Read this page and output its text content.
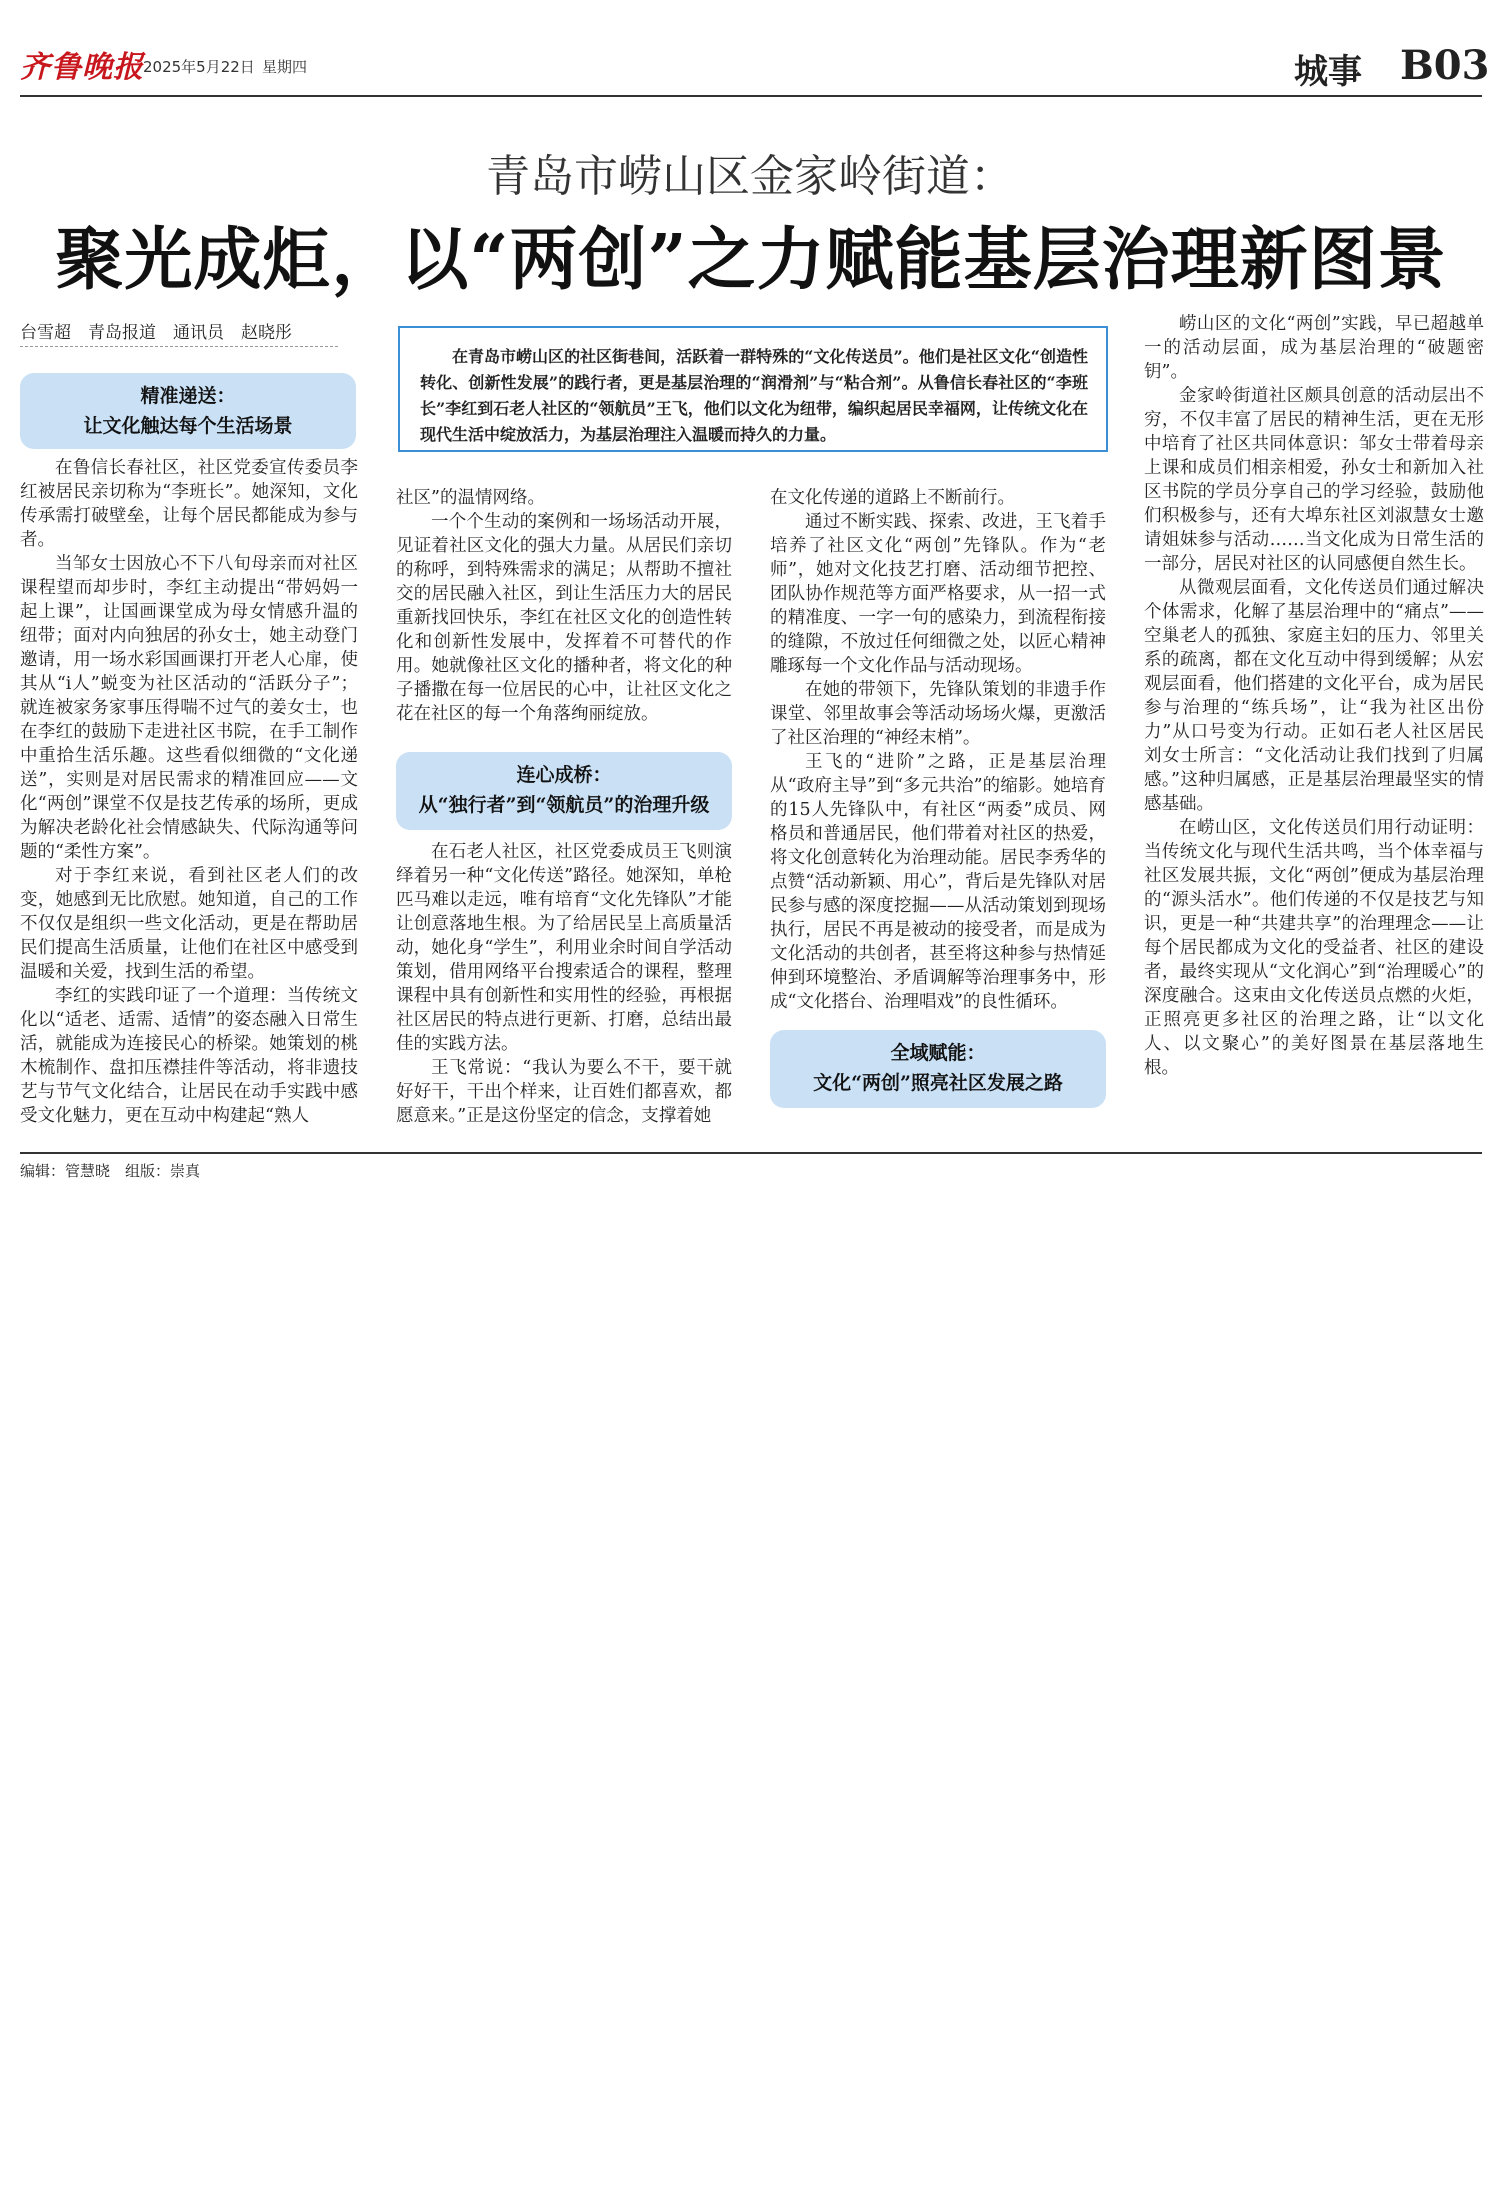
齐鲁晚报 2025年5月22日 星期四	城事 B03
青岛市崂山区金家岭街道：
聚光成炬，以“两创”之力赋能基层治理新图景
台雪超　青岛报道　通讯员　赵晓彤
在青岛市崂山区的社区街巷间，活跃着一群特殊的“文化传送员”。他们是社区文化“创造性转化、创新性发展”的践行者，更是基层治理的“润滑剂”与“粘合剂”。从鲁信长春社区的“李班长”李红到石老人社区的“领航员”王飞，他们以文化为纽带，编织起居民幸福网，让传统文化在现代生活中绽放活力，为基层治理注入温暖而持久的力量。
精准递送：
让文化触达每个生活场景
连心成桥：
从“独行者”到“领航员”的治理升级
全域赋能：
文化“两创”照亮社区发展之路

在鲁信长春社区，社区党委宣传委员李红被居民亲切称为“李班长”。她深知，文化传承需打破壁垒，让每个居民都能成为参与者。

当邹女士因放心不下八旬母亲而对社区课程望而却步时，李红主动提出“带妈妈一起上课”，让国画课堂成为母女情感升温的纽带；面对内向独居的孙女士，她主动登门邀请，用一场水彩国画课打开老人心扉，使其从“i人”蜕变为社区活动的“活跃分子”；就连被家务家事压得喘不过气的姜女士，也在李红的鼓励下走进社区书院，在手工制作中重拾生活乐趣。这些看似细微的“文化递送”，实则是对居民需求的精准回应——文化“两创”课堂不仅是技艺传承的场所，更成为解决老龄化社会情感缺失、代际沟通等问题的“柔性方案”。

对于李红来说，看到社区老人们的改变，她感到无比欣慰。她知道，自己的工作不仅仅是组织一些文化活动，更是在帮助居民们提高生活质量，让他们在社区中感受到温暖和关爱，找到生活的希望。

李红的实践印证了一个道理：当传统文化以“适老、适需、适情”的姿态融入日常生活，就能成为连接民心的桥梁。她策划的桃木梳制作、盘扣压襟挂件等活动，将非遗技艺与节气文化结合，让居民在动手实践中感受文化魅力，更在互动中构建起“熟人

社区”的温情网络。

一个个生动的案例和一场场活动开展，见证着社区文化的强大力量。从居民们亲切的称呼，到特殊需求的满足；从帮助不擅社交的居民融入社区，到让生活压力大的居民重新找回快乐，李红在社区文化的创造性转化和创新性发展中，发挥着不可替代的作用。她就像社区文化的播种者，将文化的种子播撒在每一位居民的心中，让社区文化之花在社区的每一个角落绚丽绽放。

在石老人社区，社区党委成员王飞则演绎着另一种“文化传送”路径。她深知，单枪匹马难以走远，唯有培育“文化先锋队”才能让创意落地生根。为了给居民呈上高质量活动，她化身“学生”，利用业余时间自学活动策划，借用网络平台搜索适合的课程，整理课程中具有创新性和实用性的经验，再根据社区居民的特点进行更新、打磨，总结出最佳的实践方法。

王飞常说：“我认为要么不干，要干就好好干，干出个样来，让百姓们都喜欢，都愿意来。”正是这份坚定的信念，支撑着她

在文化传递的道路上不断前行。

通过不断实践、探索、改进，王飞着手培养了社区文化“两创”先锋队。作为“老师”，她对文化技艺打磨、活动细节把控、团队协作规范等方面严格要求，从一招一式的精准度、一字一句的感染力，到流程衔接的缝隙，不放过任何细微之处，以匠心精神雕琢每一个文化作品与活动现场。

在她的带领下，先锋队策划的非遗手作课堂、邻里故事会等活动场场火爆，更激活了社区治理的“神经末梢”。

王飞的“进阶”之路，正是基层治理从“政府主导”到“多元共治”的缩影。她培育的15人先锋队中，有社区“两委”成员、网格员和普通居民，他们带着对社区的热爱，将文化创意转化为治理动能。居民李秀华的点赞“活动新颖、用心”，背后是先锋队对居民参与感的深度挖掘——从活动策划到现场执行，居民不再是被动的接受者，而是成为文化活动的共创者，甚至将这种参与热情延伸到环境整治、矛盾调解等治理事务中，形成“文化搭台、治理唱戏”的良性循环。

崂山区的文化“两创”实践，早已超越单一的活动层面，成为基层治理的“破题密钥”。

金家岭街道社区颇具创意的活动层出不穷，不仅丰富了居民的精神生活，更在无形中培育了社区共同体意识：邹女士带着母亲上课和成员们相亲相爱，孙女士和新加入社区书院的学员分享自己的学习经验，鼓励他们积极参与，还有大埠东社区刘淑慧女士邀请姐妹参与活动……当文化成为日常生活的一部分，居民对社区的认同感便自然生长。

从微观层面看，文化传送员们通过解决个体需求，化解了基层治理中的“痛点”——空巢老人的孤独、家庭主妇的压力、邻里关系的疏离，都在文化互动中得到缓解；从宏观层面看，他们搭建的文化平台，成为居民参与治理的“练兵场”，让“我为社区出份力”从口号变为行动。正如石老人社区居民刘女士所言：“文化活动让我们找到了归属感。”这种归属感，正是基层治理最坚实的情感基础。

在崂山区，文化传送员们用行动证明：当传统文化与现代生活共鸣，当个体幸福与社区发展共振，文化“两创”便成为基层治理的“源头活水”。他们传递的不仅是技艺与知识，更是一种“共建共享”的治理理念——让每个居民都成为文化的受益者、社区的建设者，最终实现从“文化润心”到“治理暖心”的深度融合。这束由文化传送员点燃的火炬，正照亮更多社区的治理之路，让“以文化人、以文聚心”的美好图景在基层落地生根。

编辑：管慧晓　组版：崇真
